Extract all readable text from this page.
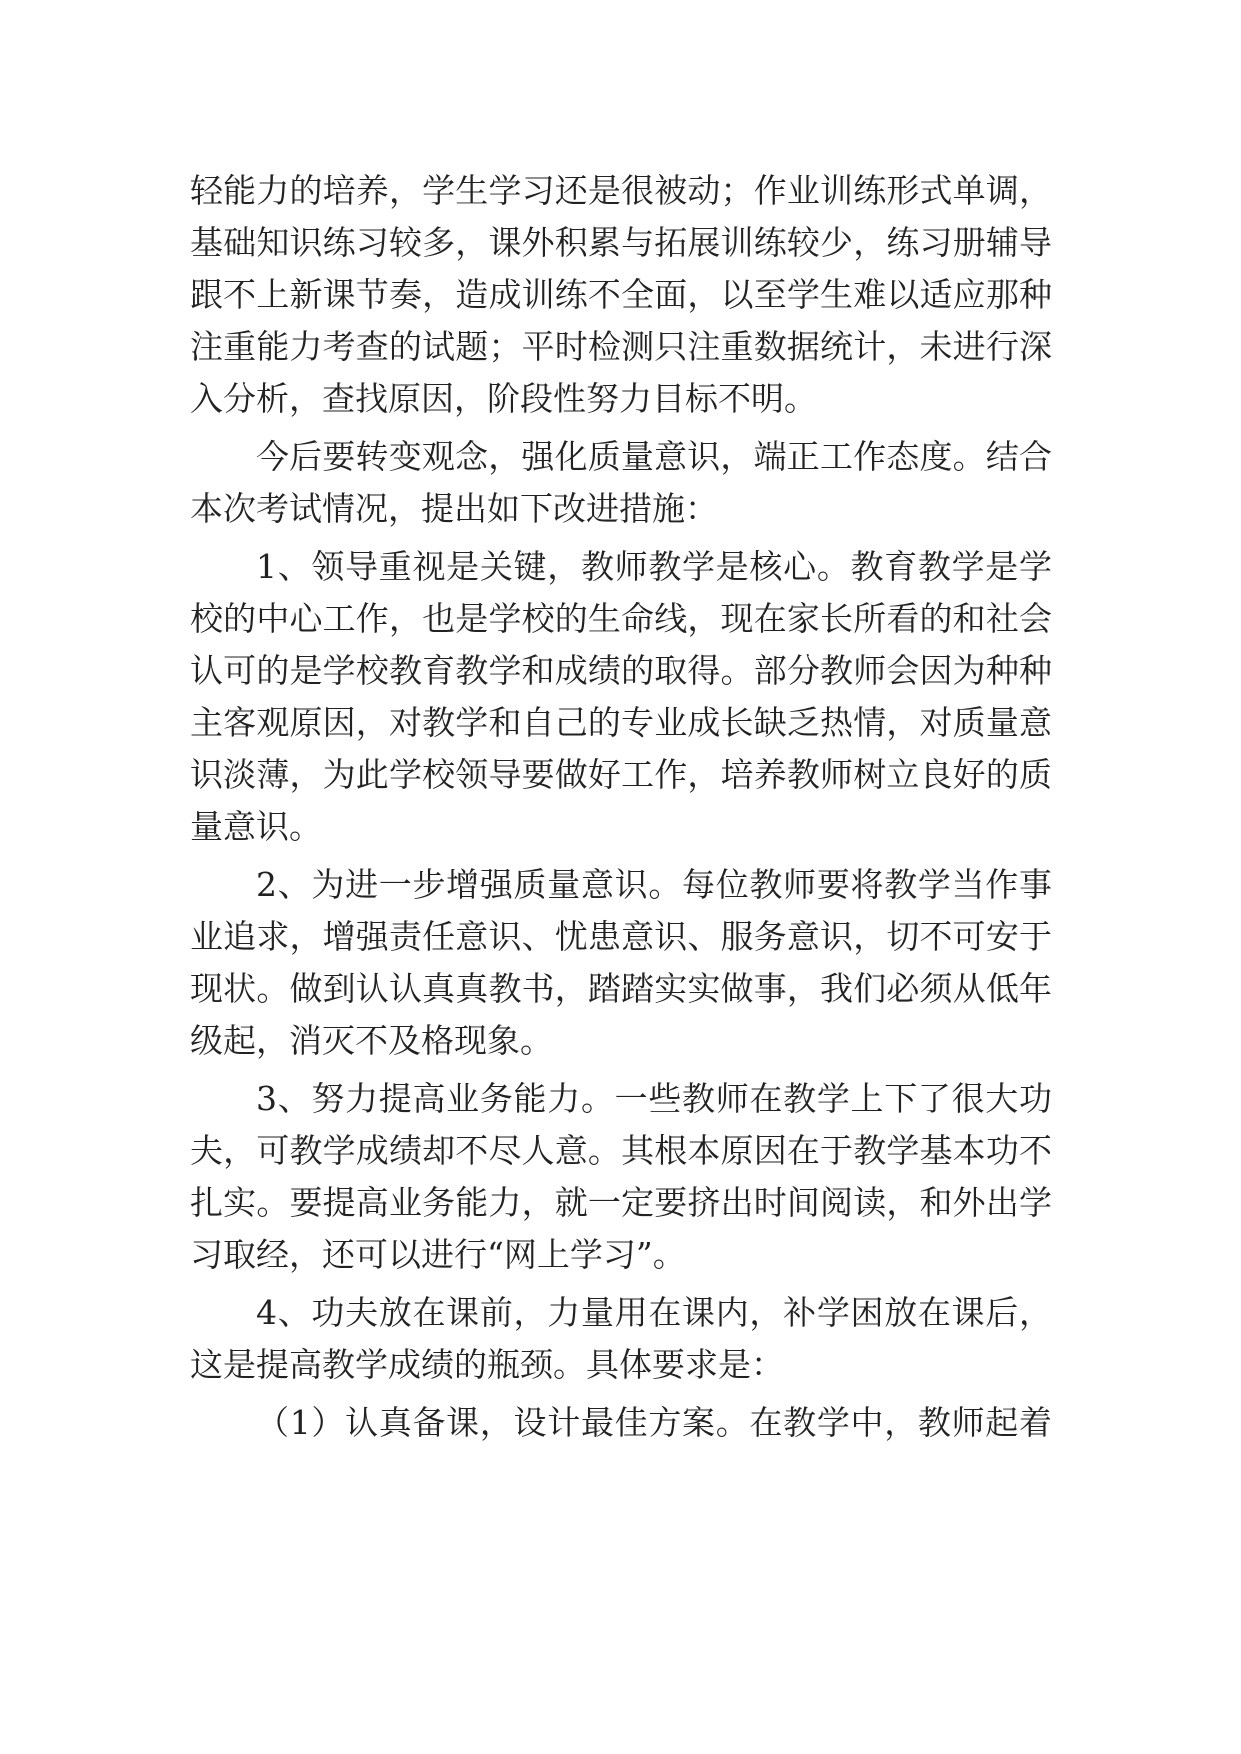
轻能力的培养，学生学习还是很被动；作业训练形式单调，
基础知识练习较多，课外积累与拓展训练较少，练习册辅导
跟不上新课节奏，造成训练不全面，以至学生难以适应那种
注重能力考查的试题；平时检测只注重数据统计，未进行深
入分析，查找原因，阶段性努力目标不明。
今后要转变观念，强化质量意识，端正工作态度。结合
本次考试情况，提出如下改进措施：
1、领导重视是关键，教师教学是核心。教育教学是学
校的中心工作，也是学校的生命线，现在家长所看的和社会
认可的是学校教育教学和成绩的取得。部分教师会因为种种
主客观原因，对教学和自己的专业成长缺乏热情，对质量意
识淡薄，为此学校领导要做好工作，培养教师树立良好的质
量意识。
2、为进一步增强质量意识。每位教师要将教学当作事
业追求，增强责任意识、忧患意识、服务意识，切不可安于
现状。做到认认真真教书，踏踏实实做事，我们必须从低年
级起，消灭不及格现象。
3、努力提高业务能力。一些教师在教学上下了很大功
夫，可教学成绩却不尽人意。其根本原因在于教学基本功不
扎实。要提高业务能力，就一定要挤出时间阅读，和外出学
习取经，还可以进行“网上学习”。
4、功夫放在课前，力量用在课内，补学困放在课后，
这是提高教学成绩的瓶颈。具体要求是：
（1）认真备课，设计最佳方案。在教学中，教师起着
